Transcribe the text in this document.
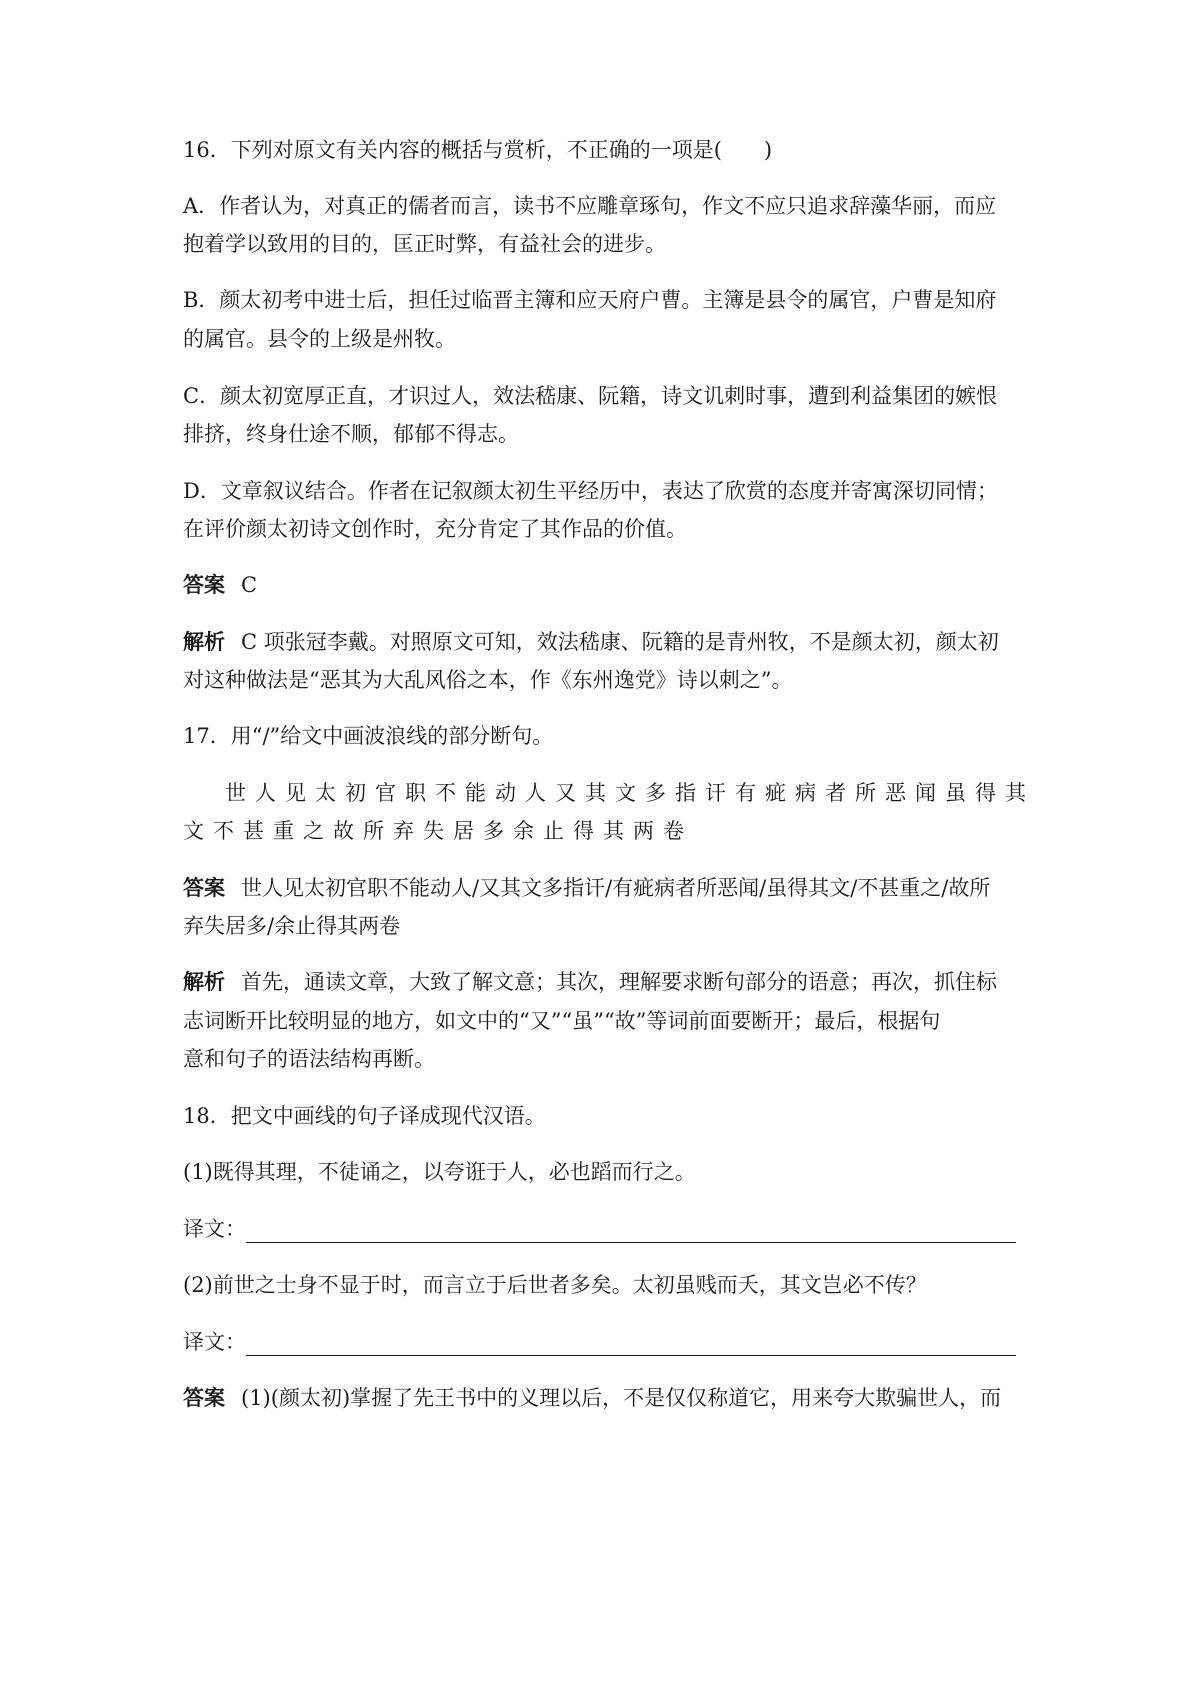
16．下列对原文有关内容的概括与赏析，不正确的一项是(　　)
A．作者认为，对真正的儒者而言，读书不应雕章琢句，作文不应只追求辞藻华丽，而应
抱着学以致用的目的，匡正时弊，有益社会的进步。
B．颜太初考中进士后，担任过临晋主簿和应天府户曹。主簿是县令的属官，户曹是知府
的属官。县令的上级是州牧。
C．颜太初宽厚正直，才识过人，效法嵇康、阮籍，诗文讥刺时事，遭到利益集团的嫉恨
排挤，终身仕途不顺，郁郁不得志。
D．文章叙议结合。作者在记叙颜太初生平经历中，表达了欣赏的态度并寄寓深切同情；
在评价颜太初诗文创作时，充分肯定了其作品的价值。
答案 C
解析 C 项张冠李戴。对照原文可知，效法嵇康、阮籍的是青州牧，不是颜太初，颜太初
对这种做法是“恶其为大乱风俗之本，作《东州逸党》诗以刺之”。
17．用“/”给文中画波浪线的部分断句。
世人见太初官职不能动人又其文多指讦有疵病者所恶闻虽得其
文不甚重之故所弃失居多余止得其两卷
答案 世人见太初官职不能动人/又其文多指讦/有疵病者所恶闻/虽得其文/不甚重之/故所
弃失居多/余止得其两卷
解析 首先，通读文章，大致了解文意；其次，理解要求断句部分的语意；再次，抓住标
志词断开比较明显的地方，如文中的“又”“虽”“故”等词前面要断开；最后，根据句
意和句子的语法结构再断。
18．把文中画线的句子译成现代汉语。
(1)既得其理，不徒诵之，以夸诳于人，必也蹈而行之。
译文：
(2)前世之士身不显于时，而言立于后世者多矣。太初虽贱而夭，其文岂必不传？
译文：
答案 (1)(颜太初)掌握了先王书中的义理以后，不是仅仅称道它，用来夸大欺骗世人，而
